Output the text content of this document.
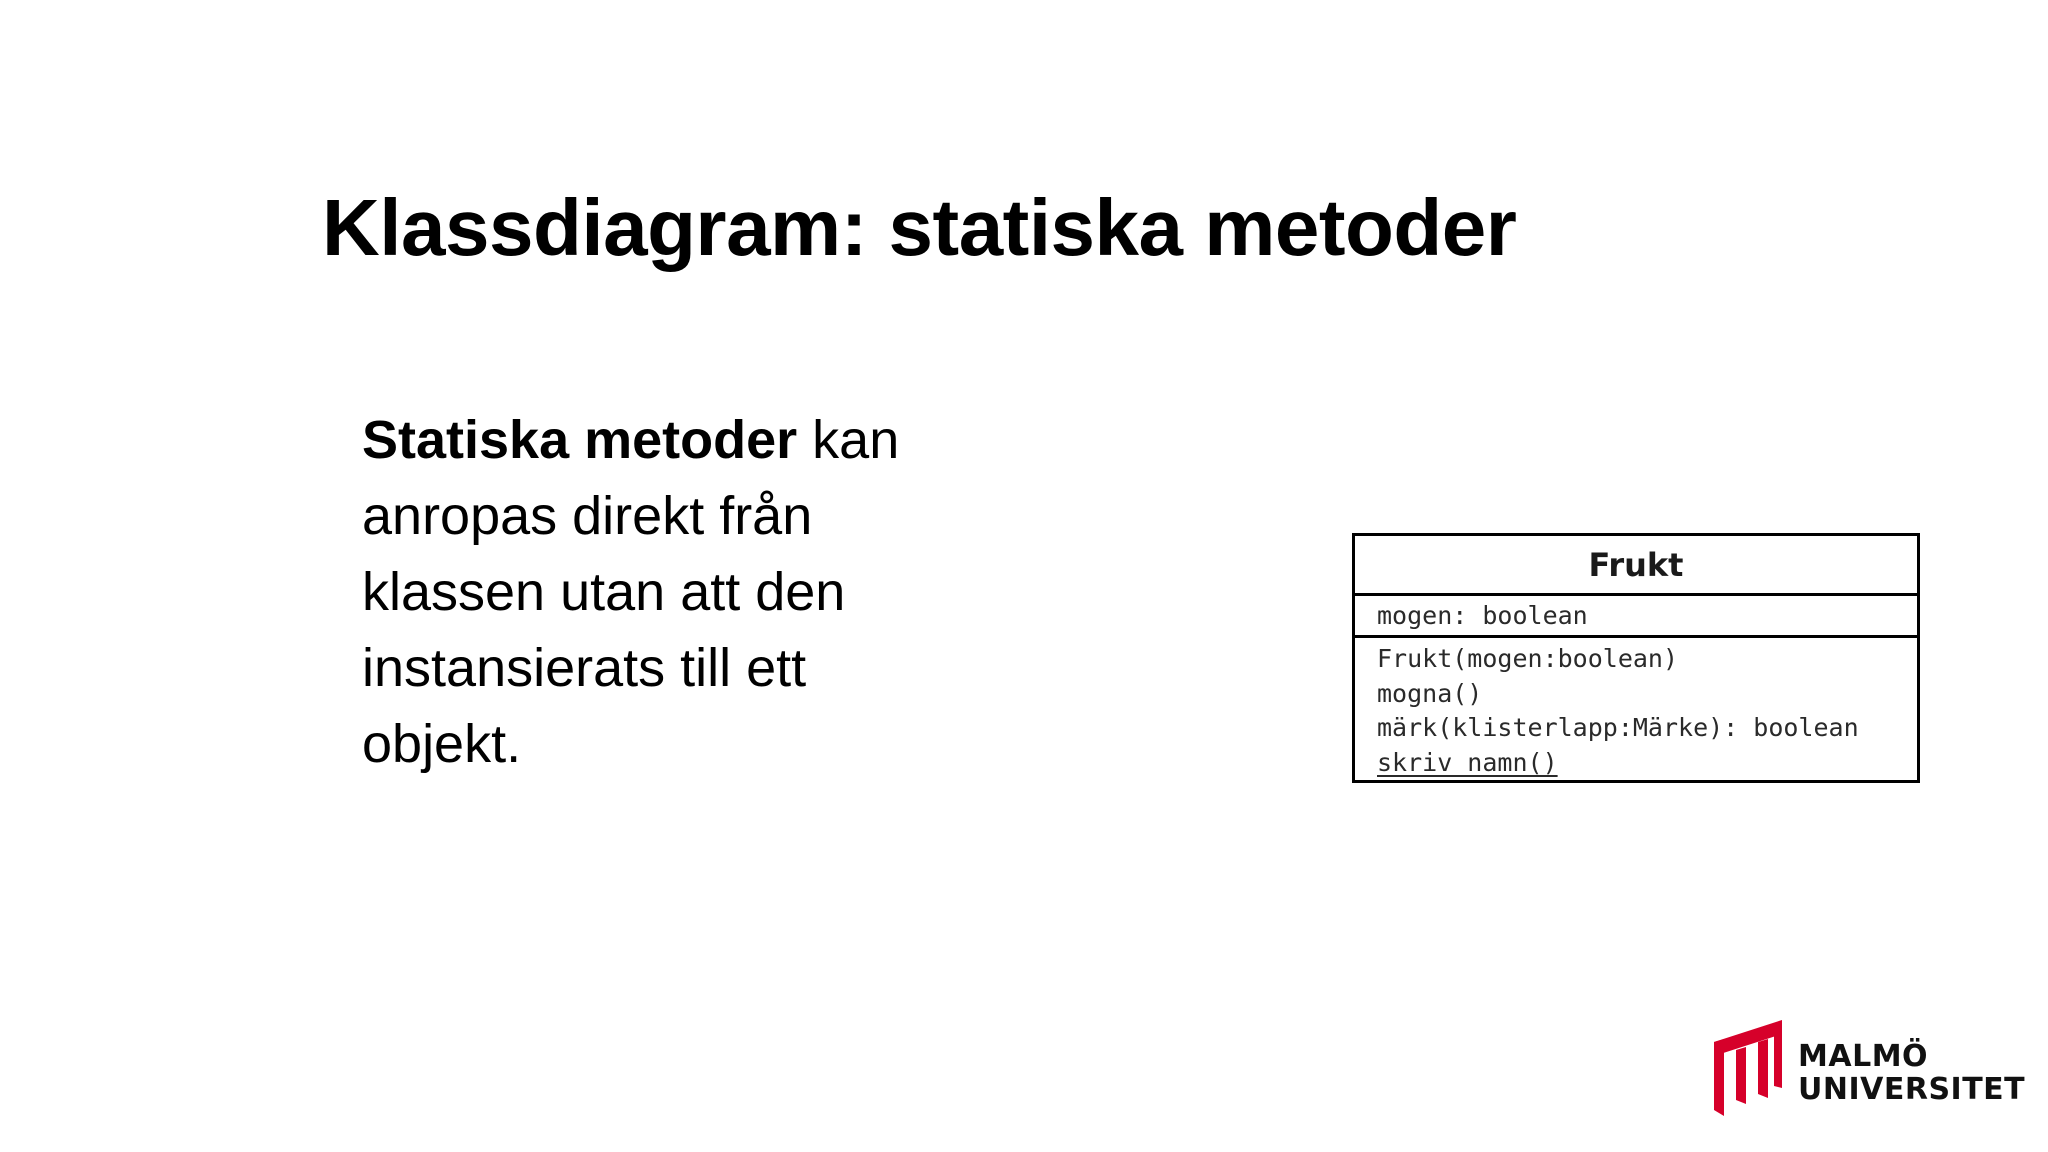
Klassdiagram: statiska metoder

Statiska metoder kan
anropas direkt från
klassen utan att den
instansierats till ett
objekt.

Frukt
mogen: boolean
Frukt(mogen:boolean)
mogna()
märk(klisterlapp:Märke): boolean
skriv_namn()
MALMÖ
UNIVERSITET
